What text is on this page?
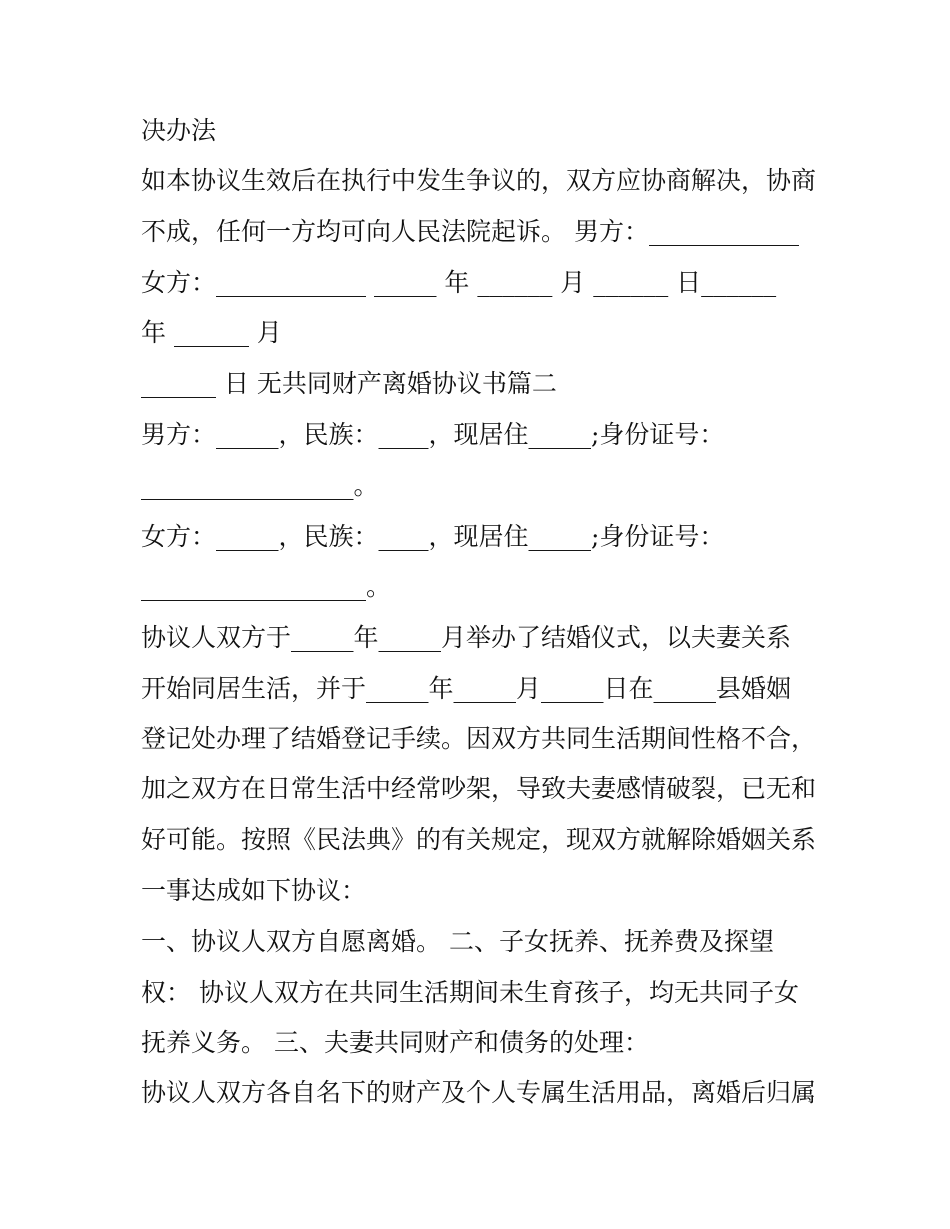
决办法
如本协议生效后在执行中发生争议的，双方应协商解决，协商
不成，任何一方均可向人民法院起诉。 男方：____________
女方：____________ _____ 年 ______ 月 ______ 日______
年 ______ 月
______ 日 无共同财产离婚协议书篇二
男方：_____，民族：____，现居住_____;身份证号：
_________________。
女方：_____，民族：____，现居住_____;身份证号：
__________________。
协议人双方于_____年_____月举办了结婚仪式，以夫妻关系
开始同居生活，并于_____年_____月_____日在_____县婚姻
登记处办理了结婚登记手续。因双方共同生活期间性格不合，
加之双方在日常生活中经常吵架，导致夫妻感情破裂，已无和
好可能。按照《民法典》的有关规定，现双方就解除婚姻关系
一事达成如下协议：
一、协议人双方自愿离婚。 二、子女抚养、抚养费及探望
权： 协议人双方在共同生活期间未生育孩子，均无共同子女
抚养义务。 三、夫妻共同财产和债务的处理：
协议人双方各自名下的财产及个人专属生活用品，离婚后归属
